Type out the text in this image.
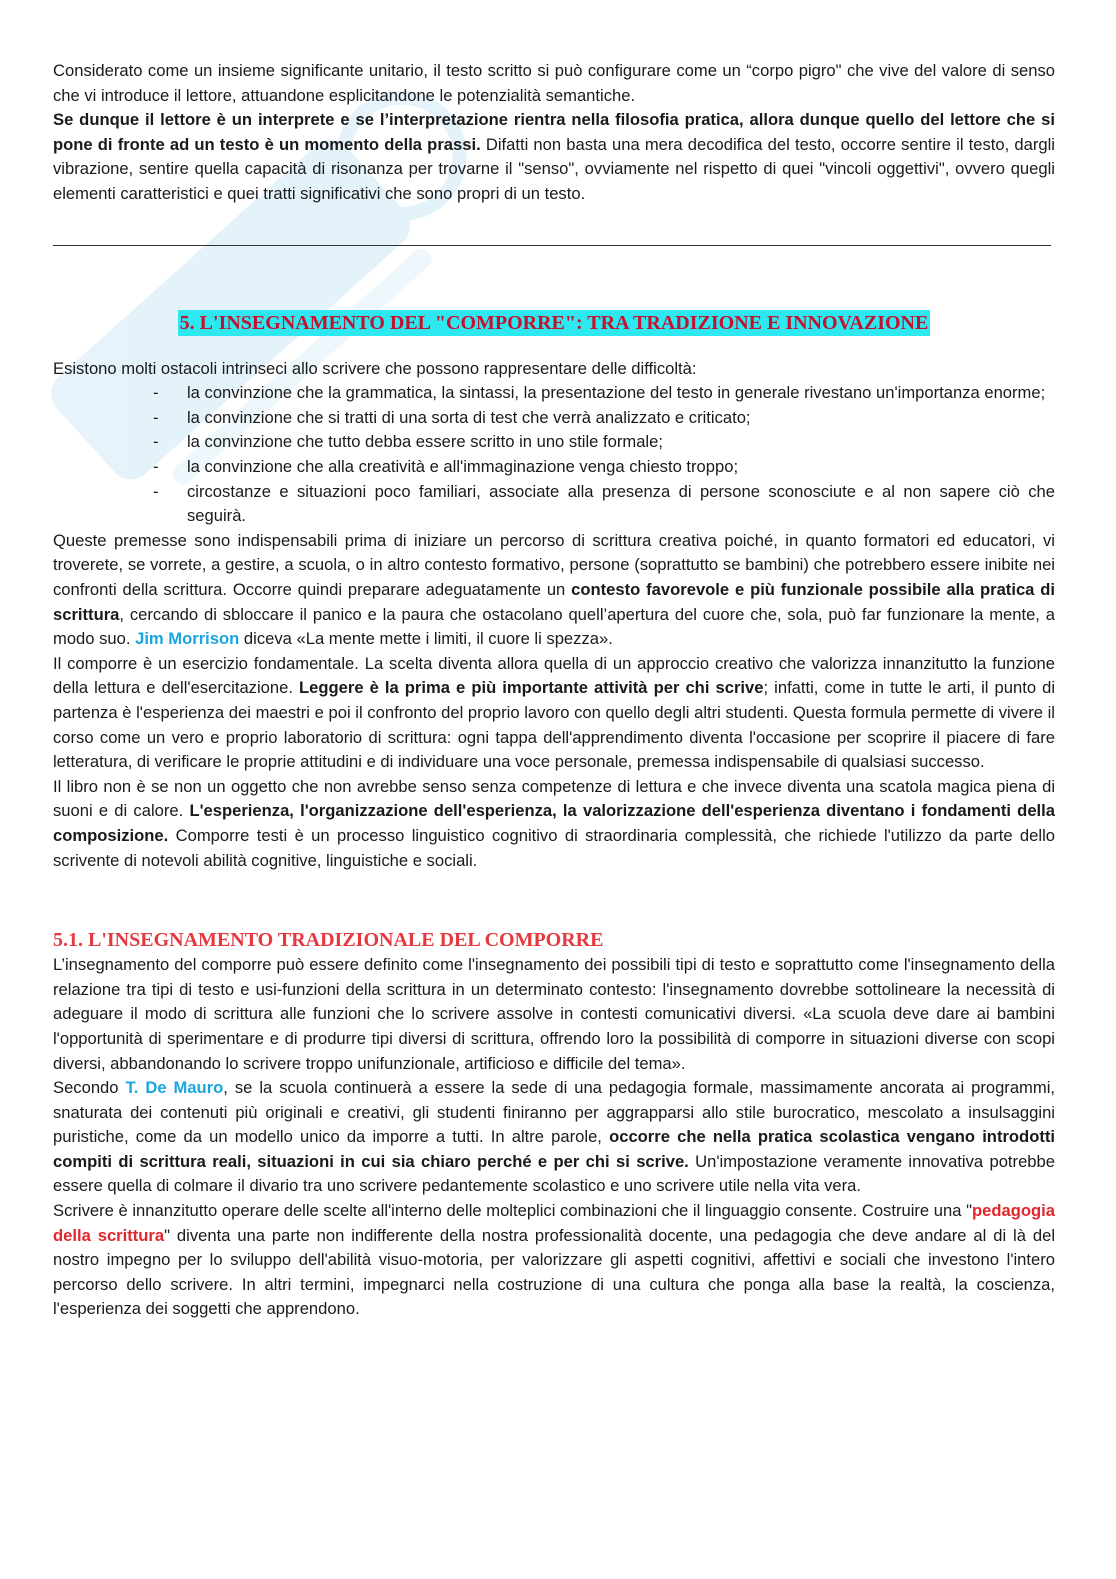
Considerato come un insieme significante unitario, il testo scritto si può configurare come un “corpo pigro" che vive del valore di senso che vi introduce il lettore, attuandone esplicitandone le potenzialità semantiche.

Se dunque il lettore è un interprete e se l’interpretazione rientra nella filosofia pratica, allora dunque quello del lettore che si pone di fronte ad un testo è un momento della prassi. Difatti non basta una mera decodifica del testo, occorre sentire il testo, dargli vibrazione, sentire quella capacità di risonanza per trovarne il "senso", ovviamente nel rispetto di quei "vincoli oggettivi", ovvero quegli elementi caratteristici e quei tratti significativi che sono propri di un testo.

5. L'INSEGNAMENTO DEL "COMPORRE": TRA TRADIZIONE E INNOVAZIONE

Esistono molti ostacoli intrinseci allo scrivere che possono rappresentare delle difficoltà:

- la convinzione che la grammatica, la sintassi, la presentazione del testo in generale rivestano un'importanza enorme;
- la convinzione che si tratti di una sorta di test che verrà analizzato e criticato;
- la convinzione che tutto debba essere scritto in uno stile formale;
- la convinzione che alla creatività e all'immaginazione venga chiesto troppo;
- circostanze e situazioni poco familiari, associate alla presenza di persone sconosciute e al non sapere ciò che seguirà.

Queste premesse sono indispensabili prima di iniziare un percorso di scrittura creativa poiché, in quanto formatori ed educatori, vi troverete, se vorrete, a gestire, a scuola, o in altro contesto formativo, persone (soprattutto se bambini) che potrebbero essere inibite nei confronti della scrittura. Occorre quindi preparare adeguatamente un contesto favorevole e più funzionale possibile alla pratica di scrittura, cercando di sbloccare il panico e la paura che ostacolano quell’apertura del cuore che, sola, può far funzionare la mente, a modo suo. Jim Morrison diceva «La mente mette i limiti, il cuore li spezza».

Il comporre è un esercizio fondamentale. La scelta diventa allora quella di un approccio creativo che valorizza innanzitutto la funzione della lettura e dell'esercitazione. Leggere è la prima e più importante attività per chi scrive; infatti, come in tutte le arti, il punto di partenza è l'esperienza dei maestri e poi il confronto del proprio lavoro con quello degli altri studenti. Questa formula permette di vivere il corso come un vero e proprio laboratorio di scrittura: ogni tappa dell'apprendimento diventa l'occasione per scoprire il piacere di fare letteratura, di verificare le proprie attitudini e di individuare una voce personale, premessa indispensabile di qualsiasi successo.

Il libro non è se non un oggetto che non avrebbe senso senza competenze di lettura e che invece diventa una scatola magica piena di suoni e di calore. L'esperienza, l'organizzazione dell'esperienza, la valorizzazione dell'esperienza diventano i fondamenti della composizione. Comporre testi è un processo linguistico cognitivo di straordinaria complessità, che richiede l'utilizzo da parte dello scrivente di notevoli abilità cognitive, linguistiche e sociali.

5.1. L'INSEGNAMENTO TRADIZIONALE DEL COMPORRE

L’insegnamento del comporre può essere definito come l'insegnamento dei possibili tipi di testo e soprattutto come l'insegnamento della relazione tra tipi di testo e usi-funzioni della scrittura in un determinato contesto: l'insegnamento dovrebbe sottolineare la necessità di adeguare il modo di scrittura alle funzioni che lo scrivere assolve in contesti comunicativi diversi. «La scuola deve dare ai bambini l'opportunità di sperimentare e di produrre tipi diversi di scrittura, offrendo loro la possibilità di comporre in situazioni diverse con scopi diversi, abbandonando lo scrivere troppo unifunzionale, artificioso e difficile del tema».

Secondo T. De Mauro, se la scuola continuerà a essere la sede di una pedagogia formale, massimamente ancorata ai programmi, snaturata dei contenuti più originali e creativi, gli studenti finiranno per aggrapparsi allo stile burocratico, mescolato a insulsaggini puristiche, come da un modello unico da imporre a tutti. In altre parole, occorre che nella pratica scolastica vengano introdotti compiti di scrittura reali, situazioni in cui sia chiaro perché e per chi si scrive. Un'impostazione veramente innovativa potrebbe essere quella di colmare il divario tra uno scrivere pedantemente scolastico e uno scrivere utile nella vita vera.

Scrivere è innanzitutto operare delle scelte all'interno delle molteplici combinazioni che il linguaggio consente. Costruire una "pedagogia della scrittura" diventa una parte non indifferente della nostra professionalità docente, una pedagogia che deve andare al di là del nostro impegno per lo sviluppo dell'abilità visuo-motoria, per valorizzare gli aspetti cognitivi, affettivi e sociali che investono l'intero percorso dello scrivere. In altri termini, impegnarci nella costruzione di una cultura che ponga alla base la realtà, la coscienza, l'esperienza dei soggetti che apprendono.
